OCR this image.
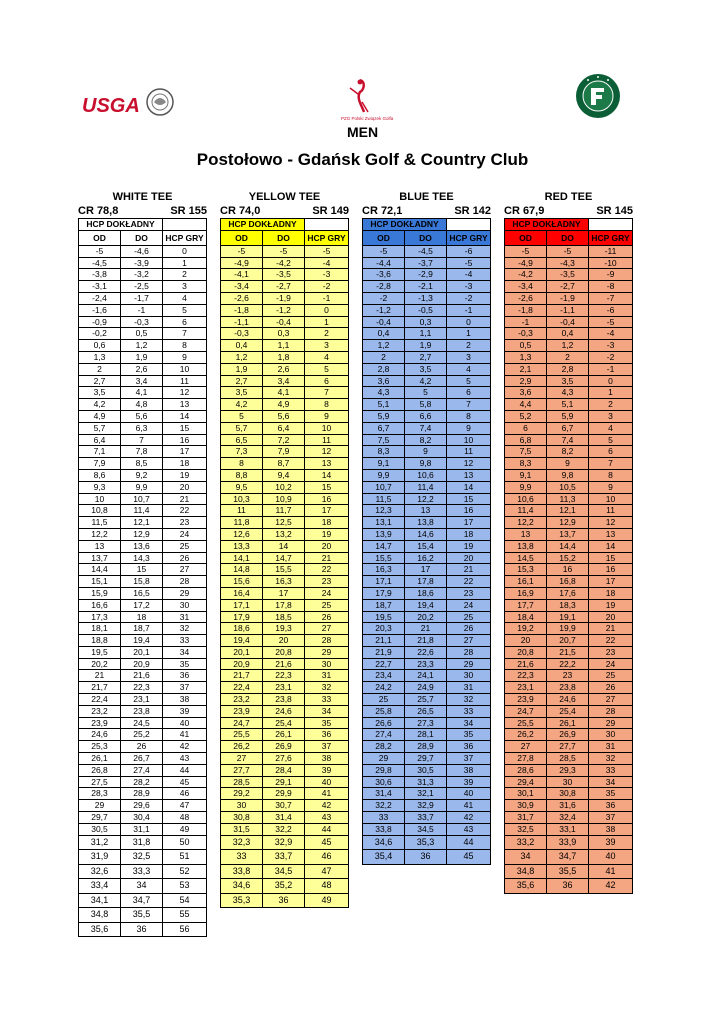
USGA
PZG Polski Związek Golfa
MEN
Postołowo - Gdańsk Golf & Country Club
WHITE TEE
CR 78,8	SR 155
HCP DOKŁADNY		
OD	DO	HCP GRY
-5	-4,6	0
-4,5	-3,9	1
-3,8	-3,2	2
-3,1	-2,5	3
-2,4	-1,7	4
-1,6	-1	5
-0,9	-0,3	6
-0,2	0,5	7
0,6	1,2	8
1,3	1,9	9
2	2,6	10
2,7	3,4	11
3,5	4,1	12
4,2	4,8	13
4,9	5,6	14
5,7	6,3	15
6,4	7	16
7,1	7,8	17
7,9	8,5	18
8,6	9,2	19
9,3	9,9	20
10	10,7	21
10,8	11,4	22
11,5	12,1	23
12,2	12,9	24
13	13,6	25
13,7	14,3	26
14,4	15	27
15,1	15,8	28
15,9	16,5	29
16,6	17,2	30
17,3	18	31
18,1	18,7	32
18,8	19,4	33
19,5	20,1	34
20,2	20,9	35
21	21,6	36
21,7	22,3	37
22,4	23,1	38
23,2	23,8	39
23,9	24,5	40
24,6	25,2	41
25,3	26	42
26,1	26,7	43
26,8	27,4	44
27,5	28,2	45
28,3	28,9	46
29	29,6	47
29,7	30,4	48
30,5	31,1	49
31,2	31,8	50
31,9	32,5	51
32,6	33,3	52
33,4	34	53
34,1	34,7	54
34,8	35,5	55
35,6	36	56
YELLOW TEE
CR 74,0	SR 149
HCP DOKŁADNY		
OD	DO	HCP GRY
-5	-5	-5
-4,9	-4,2	-4
-4,1	-3,5	-3
-3,4	-2,7	-2
-2,6	-1,9	-1
-1,8	-1,2	0
-1,1	-0,4	1
-0,3	0,3	2
0,4	1,1	3
1,2	1,8	4
1,9	2,6	5
2,7	3,4	6
3,5	4,1	7
4,2	4,9	8
5	5,6	9
5,7	6,4	10
6,5	7,2	11
7,3	7,9	12
8	8,7	13
8,8	9,4	14
9,5	10,2	15
10,3	10,9	16
11	11,7	17
11,8	12,5	18
12,6	13,2	19
13,3	14	20
14,1	14,7	21
14,8	15,5	22
15,6	16,3	23
16,4	17	24
17,1	17,8	25
17,9	18,5	26
18,6	19,3	27
19,4	20	28
20,1	20,8	29
20,9	21,6	30
21,7	22,3	31
22,4	23,1	32
23,2	23,8	33
23,9	24,6	34
24,7	25,4	35
25,5	26,1	36
26,2	26,9	37
27	27,6	38
27,7	28,4	39
28,5	29,1	40
29,2	29,9	41
30	30,7	42
30,8	31,4	43
31,5	32,2	44
32,3	32,9	45
33	33,7	46
33,8	34,5	47
34,6	35,2	48
35,3	36	49
BLUE TEE
CR 72,1	SR 142
HCP DOKŁADNY		
OD	DO	HCP GRY
-5	-4,5	-6
-4,4	-3,7	-5
-3,6	-2,9	-4
-2,8	-2,1	-3
-2	-1,3	-2
-1,2	-0,5	-1
-0,4	0,3	0
0,4	1,1	1
1,2	1,9	2
2	2,7	3
2,8	3,5	4
3,6	4,2	5
4,3	5	6
5,1	5,8	7
5,9	6,6	8
6,7	7,4	9
7,5	8,2	10
8,3	9	11
9,1	9,8	12
9,9	10,6	13
10,7	11,4	14
11,5	12,2	15
12,3	13	16
13,1	13,8	17
13,9	14,6	18
14,7	15,4	19
15,5	16,2	20
16,3	17	21
17,1	17,8	22
17,9	18,6	23
18,7	19,4	24
19,5	20,2	25
20,3	21	26
21,1	21,8	27
21,9	22,6	28
22,7	23,3	29
23,4	24,1	30
24,2	24,9	31
25	25,7	32
25,8	26,5	33
26,6	27,3	34
27,4	28,1	35
28,2	28,9	36
29	29,7	37
29,8	30,5	38
30,6	31,3	39
31,4	32,1	40
32,2	32,9	41
33	33,7	42
33,8	34,5	43
34,6	35,3	44
35,4	36	45
RED TEE
CR 67,9	SR 145
HCP DOKŁADNY		
OD	DO	HCP GRY
-5	-5	-11
-4,9	-4,3	-10
-4,2	-3,5	-9
-3,4	-2,7	-8
-2,6	-1,9	-7
-1,8	-1,1	-6
-1	-0,4	-5
-0,3	0,4	-4
0,5	1,2	-3
1,3	2	-2
2,1	2,8	-1
2,9	3,5	0
3,6	4,3	1
4,4	5,1	2
5,2	5,9	3
6	6,7	4
6,8	7,4	5
7,5	8,2	6
8,3	9	7
9,1	9,8	8
9,9	10,5	9
10,6	11,3	10
11,4	12,1	11
12,2	12,9	12
13	13,7	13
13,8	14,4	14
14,5	15,2	15
15,3	16	16
16,1	16,8	17
16,9	17,6	18
17,7	18,3	19
18,4	19,1	20
19,2	19,9	21
20	20,7	22
20,8	21,5	23
21,6	22,2	24
22,3	23	25
23,1	23,8	26
23,9	24,6	27
24,7	25,4	28
25,5	26,1	29
26,2	26,9	30
27	27,7	31
27,8	28,5	32
28,6	29,3	33
29,4	30	34
30,1	30,8	35
30,9	31,6	36
31,7	32,4	37
32,5	33,1	38
33,2	33,9	39
34	34,7	40
34,8	35,5	41
35,6	36	42
